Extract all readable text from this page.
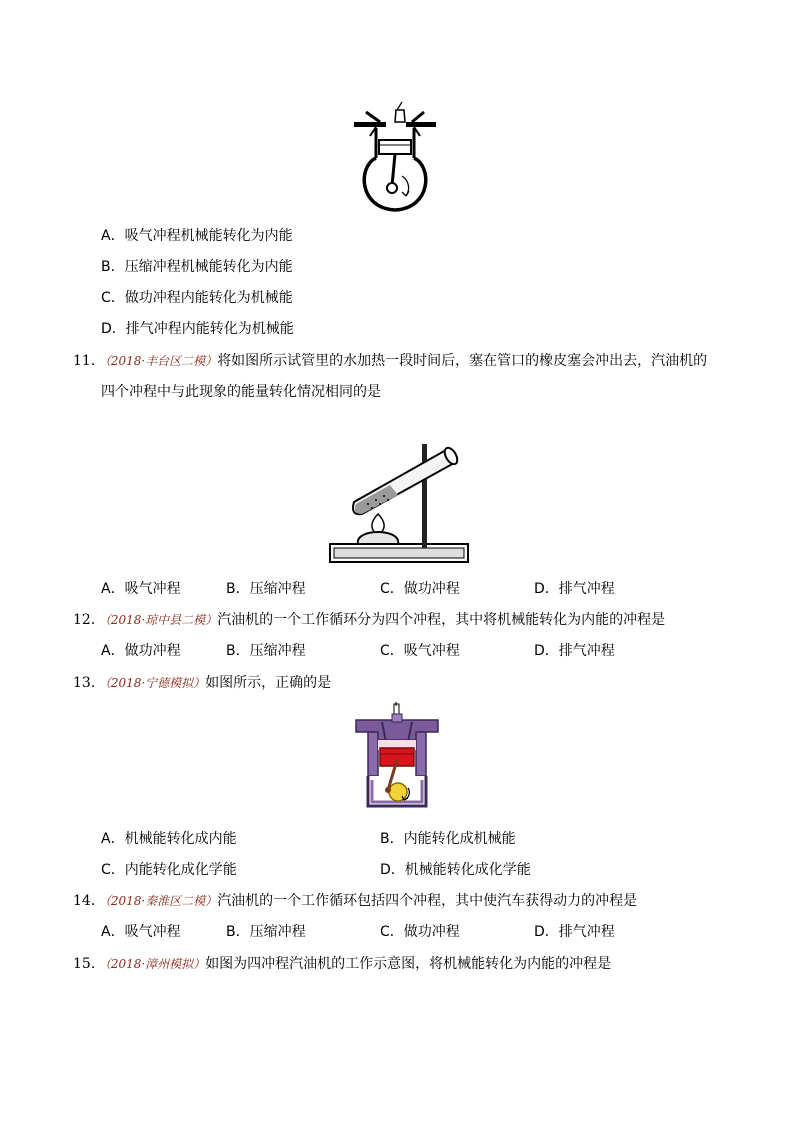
A．吸气冲程机械能转化为内能
B．压缩冲程机械能转化为内能
C．做功冲程内能转化为机械能
D．排气冲程内能转化为机械能
11．（2018·丰台区二模）将如图所示试管里的水加热一段时间后，塞在管口的橡皮塞会冲出去，汽油机的
四个冲程中与此现象的能量转化情况相同的是
A．吸气冲程	B．压缩冲程	C．做功冲程	D．排气冲程
12．（2018·琼中县二模）汽油机的一个工作循环分为四个冲程，其中将机械能转化为内能的冲程是
A．做功冲程	B．压缩冲程	C．吸气冲程	D．排气冲程
13．（2018·宁德模拟）如图所示，正确的是
A．机械能转化成内能	B．内能转化成机械能
C．内能转化成化学能	D．机械能转化成化学能
14．（2018·秦淮区二模）汽油机的一个工作循环包括四个冲程，其中使汽车获得动力的冲程是
A．吸气冲程	B．压缩冲程	C．做功冲程	D．排气冲程
15．（2018·漳州模拟）如图为四冲程汽油机的工作示意图，将机械能转化为内能的冲程是
